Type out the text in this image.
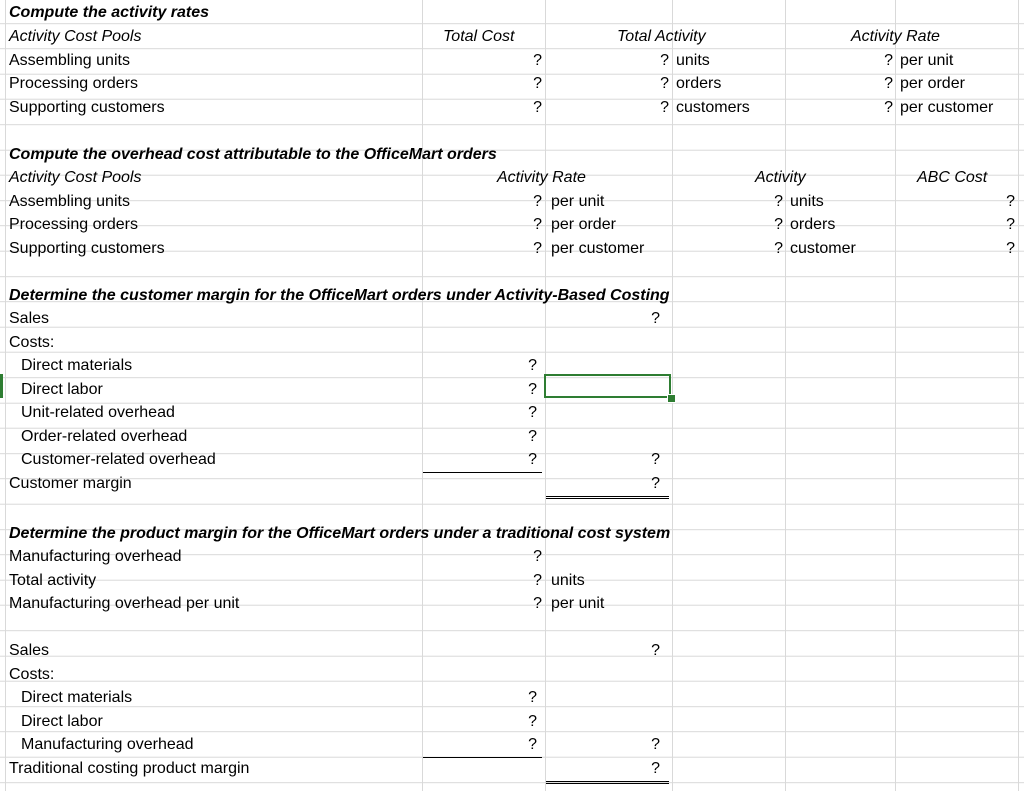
Compute the activity rates
Activity Cost Pools	Total Cost	Total Activity	Activity Rate
Assembling units	?	? units	? per unit
Processing orders	?	? orders	? per order
Supporting customers	?	? customers	? per customer
Compute the overhead cost attributable to the OfficeMart orders
Activity Cost Pools	Activity Rate	Activity	ABC Cost
Assembling units	? per unit	? units	?
Processing orders	? per order	? orders	?
Supporting customers	? per customer	? customer	?
Determine the customer margin for the OfficeMart orders under Activity-Based Costing
Sales	?
Costs:
Direct materials	?
Direct labor	?
Unit-related overhead	?
Order-related overhead	?
Customer-related overhead	?	?
Customer margin	?
Determine the product margin for the OfficeMart orders under a traditional cost system
Manufacturing overhead	?
Total activity	? units
Manufacturing overhead per unit	? per unit
Sales	?
Costs:
Direct materials	?
Direct labor	?
Manufacturing overhead	?	?
Traditional costing product margin	?
